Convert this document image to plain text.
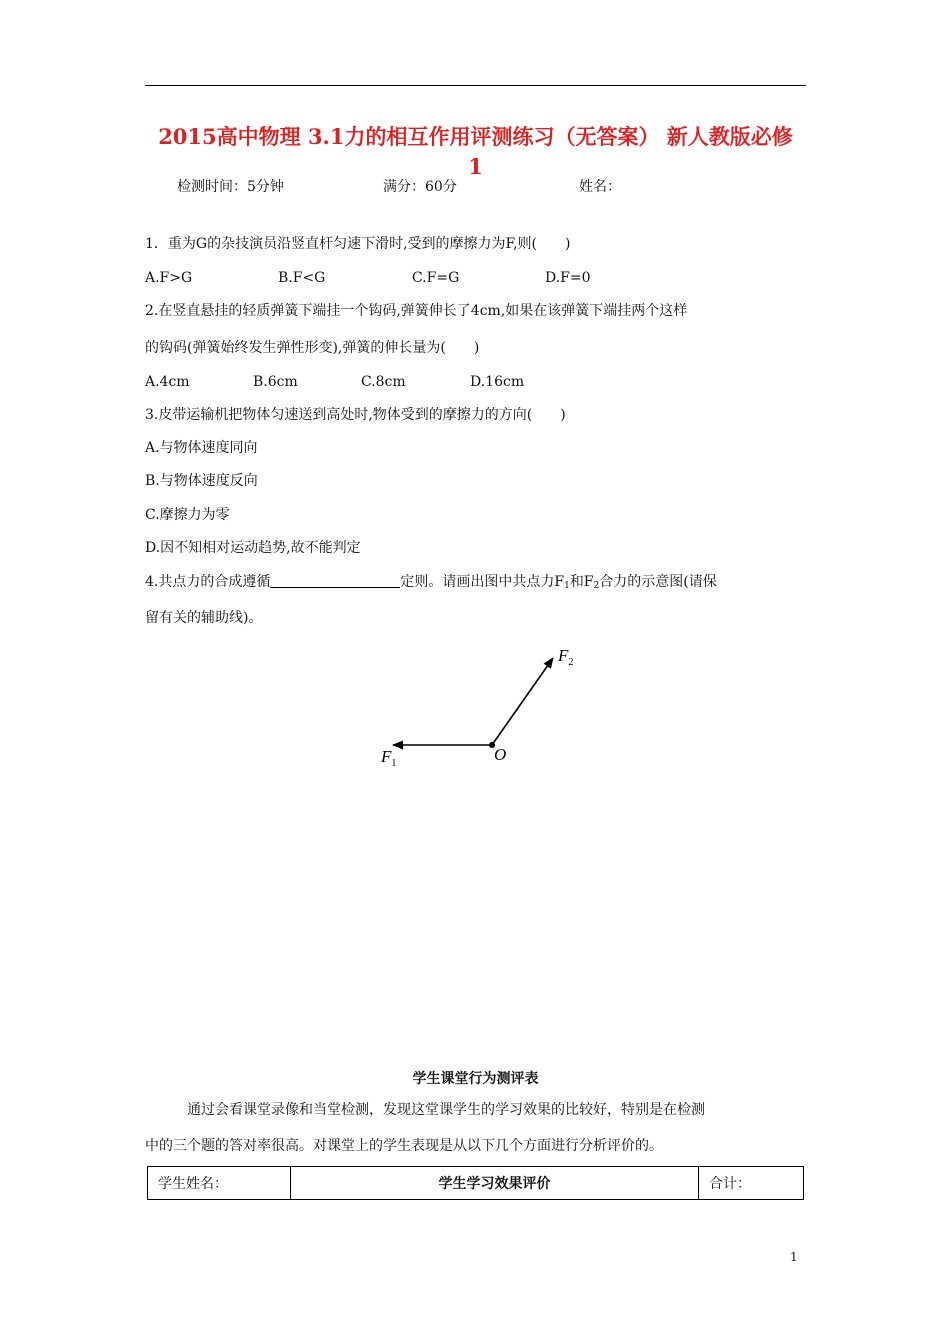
2015高中物理 3.1力的相互作用评测练习（无答案） 新人教版必修
1
检测时间：5分钟	满分：60分	姓名：
1．重为G的杂技演员沿竖直杆匀速下滑时,受到的摩擦力为F,则(　　)
A.F>G	B.F<G	C.F=G	D.F=0
2.在竖直悬挂的轻质弹簧下端挂一个钩码,弹簧伸长了4cm,如果在该弹簧下端挂两个这样
的钩码(弹簧始终发生弹性形变),弹簧的伸长量为(　　)
A.4cm	B.6cm	C.8cm	D.16cm
3.皮带运输机把物体匀速送到高处时,物体受到的摩擦力的方向(　　)
A.与物体速度同向
B.与物体速度反向
C.摩擦力为零
D.因不知相对运动趋势,故不能判定
4.共点力的合成遵循	定则。请画出图中共点力$F_1$和$F_2$合力的示意图(请保
留有关的辅助线)。
$F_1$
$F_2$
O
学生课堂行为测评表
通过会看课堂录像和当堂检测，发现这堂课学生的学习效果的比较好，特别是在检测
中的三个题的答对率很高。对课堂上的学生表现是从以下几个方面进行分析评价的。
学生姓名：	学生学习效果评价	合计：
1
